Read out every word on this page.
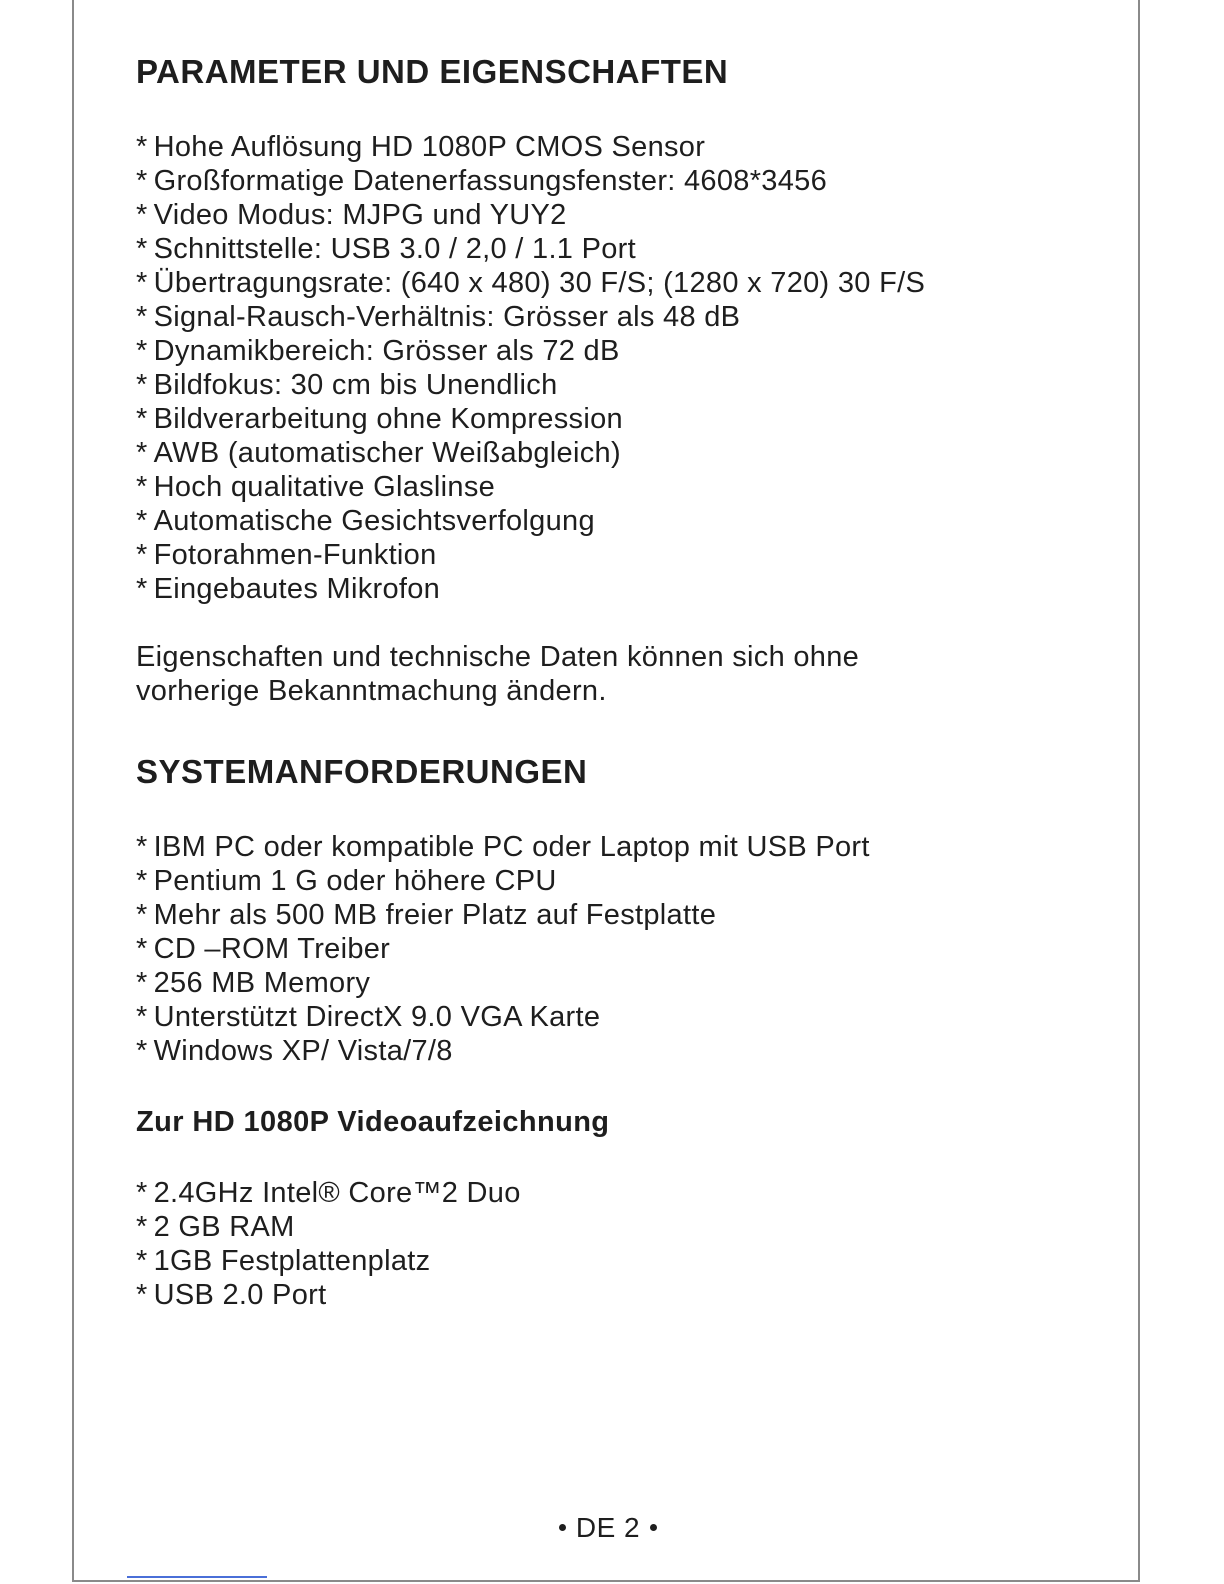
PARAMETER UND EIGENSCHAFTEN
* Hohe Auflösung HD 1080P CMOS Sensor
* Großformatige Datenerfassungsfenster: 4608*3456
* Video Modus: MJPG und YUY2
* Schnittstelle: USB 3.0 / 2,0 / 1.1 Port
* Übertragungsrate: (640 x 480) 30 F/S; (1280 x 720) 30 F/S
* Signal-Rausch-Verhältnis: Grösser als 48 dB
* Dynamikbereich: Grösser als 72 dB
* Bildfokus: 30 cm bis Unendlich
* Bildverarbeitung ohne Kompression
* AWB (automatischer Weißabgleich)
* Hoch qualitative Glaslinse
* Automatische Gesichtsverfolgung
* Fotorahmen-Funktion
* Eingebautes Mikrofon

Eigenschaften und technische Daten können sich ohne

vorherige Bekanntmachung ändern.

SYSTEMANFORDERUNGEN
* IBM PC oder kompatible PC oder Laptop mit USB Port
* Pentium 1 G oder höhere CPU
* Mehr als 500 MB freier Platz auf Festplatte
* CD –ROM Treiber
* 256 MB Memory
* Unterstützt DirectX 9.0 VGA Karte
* Windows XP/ Vista/7/8
Zur HD 1080P Videoaufzeichnung
* 2.4GHz Intel® Core™2 Duo
* 2 GB RAM
* 1GB Festplattenplatz
* USB 2.0 Port
DE 2
